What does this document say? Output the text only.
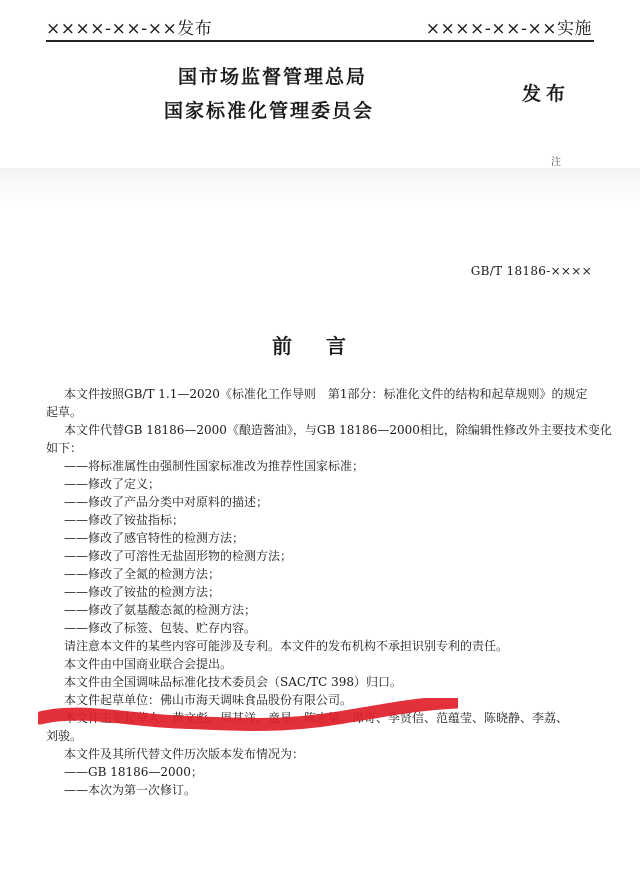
××××-××-××发布	××××-××-××实施
国市场监督管理总局
国家标准化管理委员会
发布
注
GB/T 18186-××××
前言
本文件按照GB/T 1.1—2020《标准化工作导则　第1部分：标准化文件的结构和起草规则》的规定
起草。
本文件代替GB 18186—2000《酿造酱油》，与GB 18186—2000相比，除编辑性修改外主要技术变化
如下：
——将标准属性由强制性国家标准改为推荐性国家标准；
——修改了定义；
——修改了产品分类中对原料的描述；
——修改了铵盐指标；
——修改了感官特性的检测方法；
——修改了可溶性无盐固形物的检测方法；
——修改了全氮的检测方法；
——修改了铵盐的检测方法；
——修改了氨基酸态氮的检测方法；
——修改了标签、包装、贮存内容。
请注意本文件的某些内容可能涉及专利。本文件的发布机构不承担识别专利的责任。
本文件由中国商业联合会提出。
本文件由全国调味品标准化技术委员会（SAC/TC 398）归口。
本文件起草单位：佛山市海天调味食品股份有限公司。
本文件主要起草人：黄文彪、周其洋、童星、陈志第、谭奇、李贤信、范蕴莹、陈晓静、李荔、
刘骏。
本文件及其所代替文件历次版本发布情况为：
——GB 18186—2000；
——本次为第一次修订。
